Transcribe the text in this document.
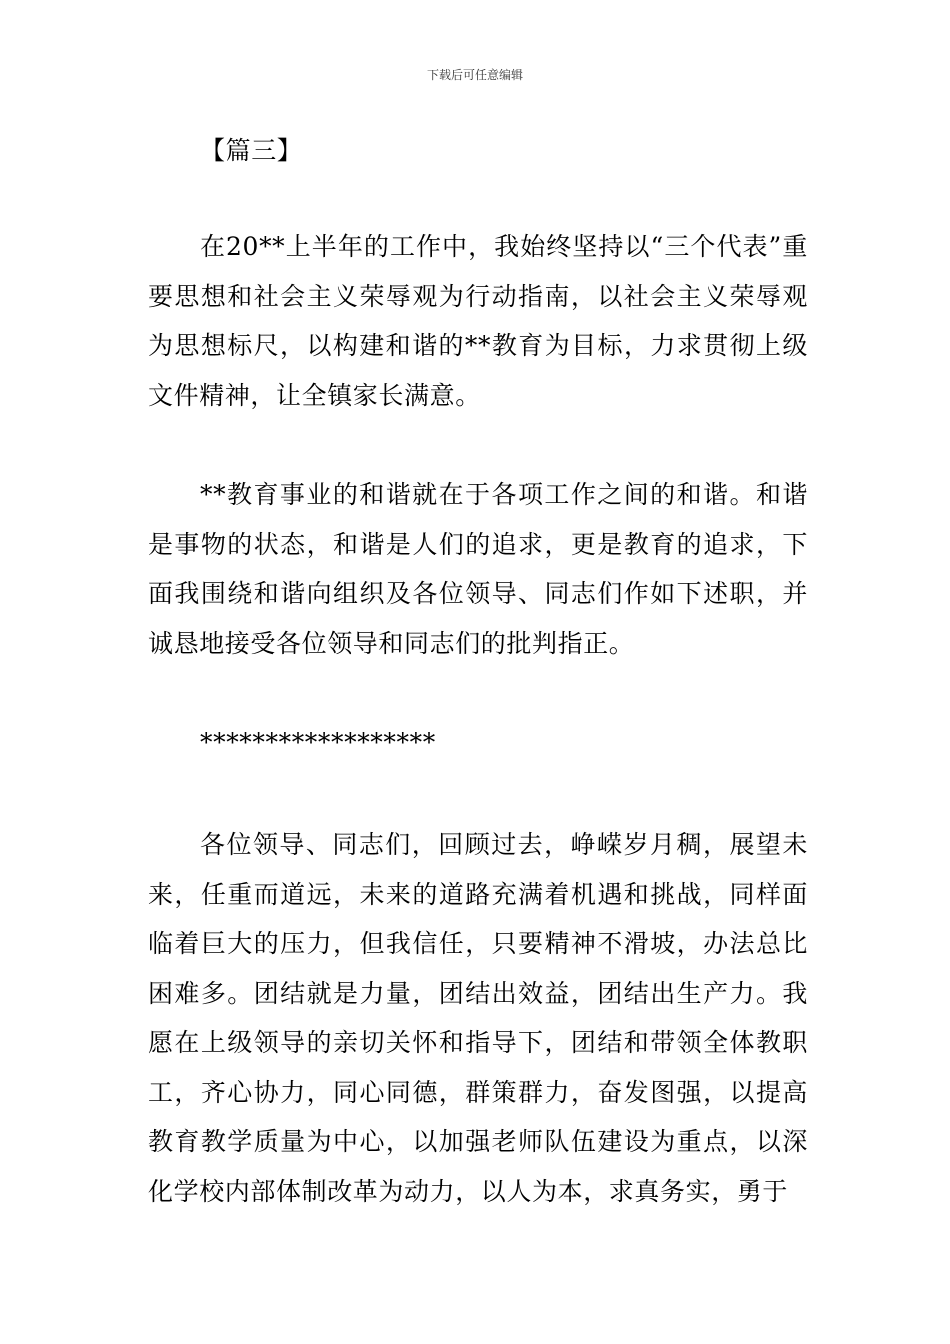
下载后可任意编辑

【篇三】

在20**上半年的工作中，我始终坚持以“三个代表”重要思想和社会主义荣辱观为行动指南，以社会主义荣辱观为思想标尺，以构建和谐的**教育为目标，力求贯彻上级文件精神，让全镇家长满意。

**教育事业的和谐就在于各项工作之间的和谐。和谐是事物的状态，和谐是人们的追求，更是教育的追求，下面我围绕和谐向组织及各位领导、同志们作如下述职，并诚恳地接受各位领导和同志们的批判指正。

******************

各位领导、同志们，回顾过去，峥嵘岁月稠，展望未来，任重而道远，未来的道路充满着机遇和挑战，同样面临着巨大的压力，但我信任，只要精神不滑坡，办法总比困难多。团结就是力量，团结出效益，团结出生产力。我愿在上级领导的亲切关怀和指导下，团结和带领全体教职工，齐心协力，同心同德，群策群力，奋发图强，以提高教育教学质量为中心，以加强老师队伍建设为重点，以深化学校内部体制改革为动力，以人为本，求真务实，勇于
